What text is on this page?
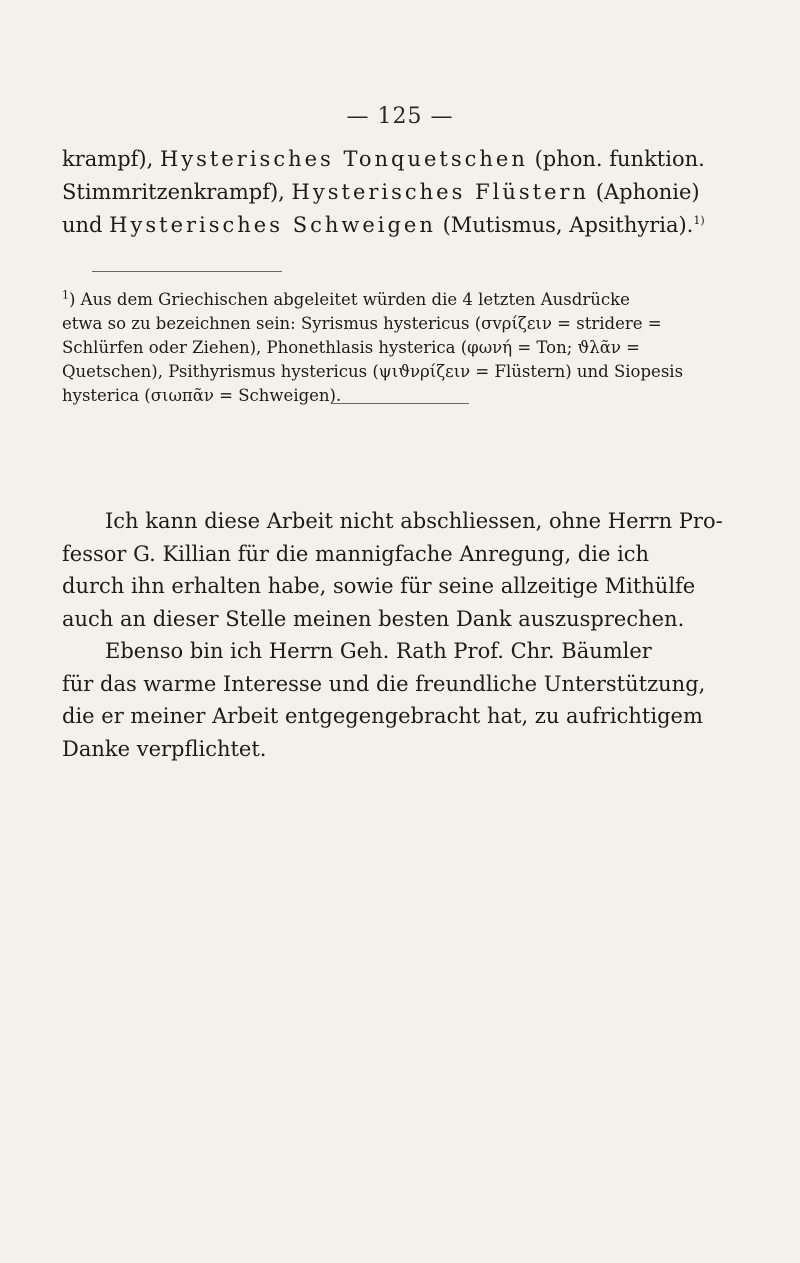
— 125 —
krampf), Hysterisches Tonquetschen (phon. funktion.
Stimmritzenkrampf), Hysterisches Flüstern (Aphonie)
und Hysterisches Schweigen (Mutismus, Apsithyria).$^{1)}$
$^1$) Aus dem Griechischen abgeleitet würden die 4 letzten Ausdrücke
etwa so zu bezeichnen sein: Syrismus hystericus (σvρίζειν = stridere =
Schlürfen oder Ziehen), Phonethlasis hysterica (φωνή = Ton; ϑλᾶν =
Quetschen), Psithyrismus hystericus (ψιϑνρίζειν = Flüstern) und Siopesis
hysterica (σιωπᾶν = Schweigen).

Ich kann diese Arbeit nicht abschliessen, ohne Herrn Pro-
fessor G. Killian für die mannigfache Anregung, die ich
durch ihn erhalten habe, sowie für seine allzeitige Mithülfe
auch an dieser Stelle meinen besten Dank auszusprechen.

Ebenso bin ich Herrn Geh. Rath Prof. Chr. Bäumler
für das warme Interesse und die freundliche Unterstützung,
die er meiner Arbeit entgegengebracht hat, zu aufrichtigem
Danke verpflichtet.
